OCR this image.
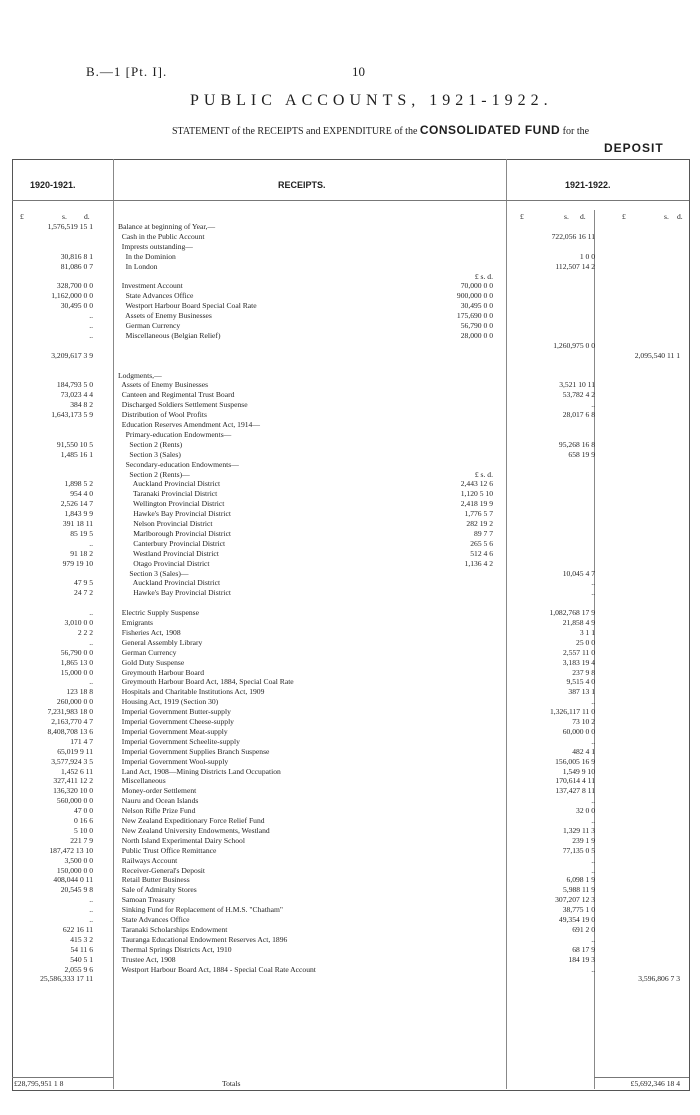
B.—1 [Pt. I].	10
PUBLIC ACCOUNTS, 1921-1922.
STATEMENT of the RECEIPTS and EXPENDITURE of the CONSOLIDATED FUND for the
DEPOSIT
1920-1921.	RECEIPTS.	1921-1922.
£	s. d.	£	s. d.	£	s. d.
1,576,519 15 1	Balance at beginning of Year,—
Cash in the Public Account	722,056 16 11
Imprests outstanding—
30,816 8 1	In the Dominion	1 0 0
81,086 0 7	In London	112,507 14 2
£ s. d.
328,700 0 0	Investment Account	70,000 0 0
1,162,000 0 0	State Advances Office	900,000 0 0
30,495 0 0	Westport Harbour Board Special Coal Rate	30,495 0 0
..	Assets of Enemy Businesses	175,690 0 0
..	German Currency	56,790 0 0
..	Miscellaneous (Belgian Relief)	28,000 0 0
1,260,975 0 0
3,209,617 3 9	2,095,540 11 1
Lodgments,—
184,793 5 0	Assets of Enemy Businesses	3,521 10 11
73,023 4 4	Canteen and Regimental Trust Board	53,782 4 2
384 8 2	Discharged Soldiers Settlement Suspense	..
1,643,173 5 9	Distribution of Wool Profits	28,017 6 8
Education Reserves Amendment Act, 1914—
Primary-education Endowments—
91,550 10 5	Section 2 (Rents)	95,268 16 8
1,485 16 1	Section 3 (Sales)	658 19 9
Secondary-education Endowments—
Section 2 (Rents)—	£ s. d.
1,898 5 2	Auckland Provincial District	2,443 12 6
954 4 0	Taranaki Provincial District	1,120 5 10
2,526 14 7	Wellington Provincial District	2,418 19 9
1,843 9 9	Hawke's Bay Provincial District	1,776 5 7
391 18 11	Nelson Provincial District	282 19 2
85 19 5	Marlborough Provincial District	89 7 7
..	Canterbury Provincial District	265 5 6
91 18 2	Westland Provincial District	512 4 6
979 19 10	Otago Provincial District	1,136 4 2
Section 3 (Sales)—	10,045 4 7
47 9 5	Auckland Provincial District	..
24 7 2	Hawke's Bay Provincial District	..
..	Electric Supply Suspense	1,082,768 17 9
3,010 0 0	Emigrants	21,858 4 9
2 2 2	Fisheries Act, 1908	3 1 1
..	General Assembly Library	25 0 0
56,790 0 0	German Currency	2,557 11 0
1,865 13 0	Gold Duty Suspense	3,183 19 4
15,000 0 0	Greymouth Harbour Board	237 9 8
..	Greymouth Harbour Board Act, 1884, Special Coal Rate	9,515 4 0
123 18 8	Hospitals and Charitable Institutions Act, 1909	387 13 1
260,000 0 0	Housing Act, 1919 (Section 30)	..
7,231,983 18 0	Imperial Government Butter-supply	1,326,117 11 0
2,163,770 4 7	Imperial Government Cheese-supply	73 10 2
8,408,708 13 6	Imperial Government Meat-supply	60,000 0 0
171 4 7	Imperial Government Scheelite-supply	..
65,019 9 11	Imperial Government Supplies Branch Suspense	482 4 1
3,577,924 3 5	Imperial Government Wool-supply	156,005 16 9
1,452 6 11	Land Act, 1908—Mining Districts Land Occupation	1,549 9 10
327,411 12 2	Miscellaneous	170,614 4 11
136,320 10 0	Money-order Settlement	137,427 8 11
560,000 0 0	Nauru and Ocean Islands	..
47 0 0	Nelson Rifle Prize Fund	32 0 0
0 16 6	New Zealand Expeditionary Force Relief Fund	..
5 10 0	New Zealand University Endowments, Westland	1,329 11 3
221 7 9	North Island Experimental Dairy School	239 1 9
187,472 13 10	Public Trust Office Remittance	77,135 0 5
3,500 0 0	Railways Account	..
150,000 0 0	Receiver-General's Deposit	..
408,044 0 11	Retail Butter Business	6,098 1 9
20,545 9 8	Sale of Admiralty Stores	5,988 11 9
..	Samoan Treasury	307,207 12 3
..	Sinking Fund for Replacement of H.M.S. "Chatham"	38,775 1 0
..	State Advances Office	49,354 19 0
622 16 11	Taranaki Scholarships Endowment	691 2 0
415 3 2	Tauranga Educational Endowment Reserves Act, 1896	..
54 11 6	Thermal Springs Districts Act, 1910	68 17 9
540 5 1	Trustee Act, 1908	184 19 3
2,055 9 6	Westport Harbour Board Act, 1884 - Special Coal Rate Account	..
25,586,333 17 11	3,596,806 7 3
£28,795,951 1 8	Totals	£5,692,346 18 4
